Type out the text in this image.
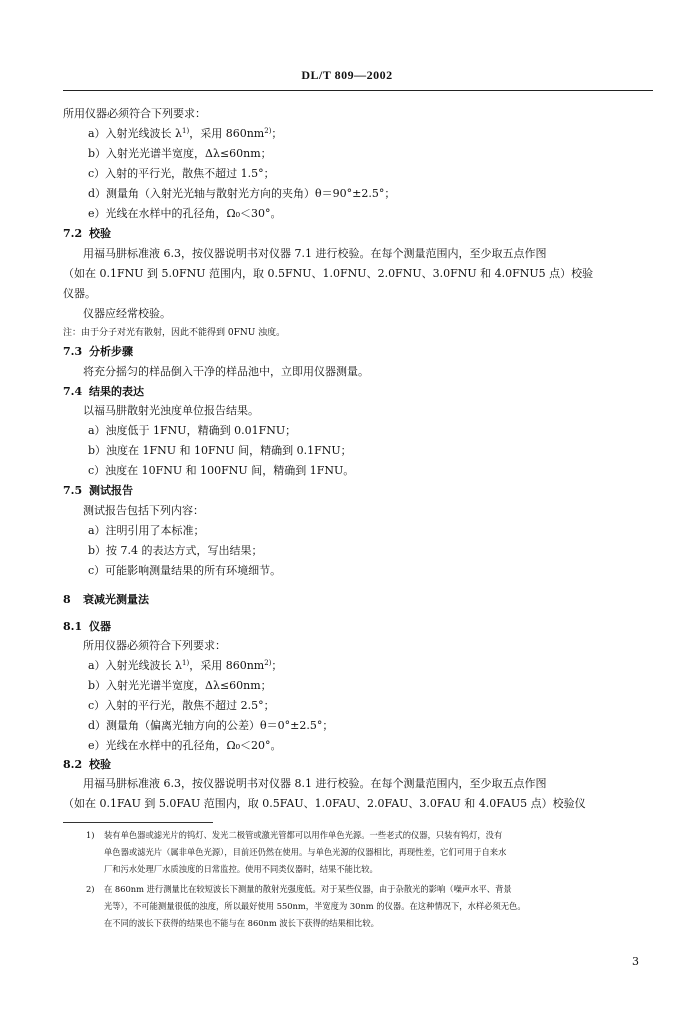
DL/T 809—2002
所用仪器必须符合下列要求：
a）入射光线波长 $\lambda^{1)}$，采用 $860nm^{2)}$；
b）入射光光谱半宽度，Δλ≤60nm；
c）入射的平行光，散焦不超过 1.5°；
d）测量角（入射光光轴与散射光方向的夹角）θ＝90°±2.5°；
e）光线在水样中的孔径角，Ω₀＜30°。
7.2 校验
用福马肼标准液 6.3，按仪器说明书对仪器 7.1 进行校验。在每个测量范围内，至少取五点作图
（如在 0.1FNU 到 5.0FNU 范围内，取 0.5FNU、1.0FNU、2.0FNU、3.0FNU 和 4.0FNU5 点）校验
仪器。
仪器应经常校验。
注：由于分子对光有散射，因此不能得到 0FNU 浊度。
7.3 分析步骤
将充分摇匀的样品倒入干净的样品池中，立即用仪器测量。
7.4 结果的表达
以福马肼散射光浊度单位报告结果。
a）浊度低于 1FNU，精确到 0.01FNU；
b）浊度在 1FNU 和 10FNU 间，精确到 0.1FNU；
c）浊度在 10FNU 和 100FNU 间，精确到 1FNU。
7.5 测试报告
测试报告包括下列内容：
a）注明引用了本标准；
b）按 7.4 的表达方式，写出结果；
c）可能影响测量结果的所有环境细节。
8 衰减光测量法
8.1 仪器
所用仪器必须符合下列要求：
a）入射光线波长 $\lambda^{1)}$，采用 $860nm^{2)}$；
b）入射光光谱半宽度，Δλ≤60nm；
c）入射的平行光，散焦不超过 2.5°；
d）测量角（偏离光轴方向的公差）θ＝0°±2.5°；
e）光线在水样中的孔径角，Ω₀＜20°。
8.2 校验
用福马肼标准液 6.3，按仪器说明书对仪器 8.1 进行校验。在每个测量范围内，至少取五点作图
（如在 0.1FAU 到 5.0FAU 范围内，取 0.5FAU、1.0FAU、2.0FAU、3.0FAU 和 4.0FAU5 点）校验仪
1) 装有单色器或滤光片的钨灯、发光二极管或激光管都可以用作单色光源。一些老式的仪器，只装有钨灯，没有
单色器或滤光片（属非单色光源），目前还仍然在使用。与单色光源的仪器相比，再现性差，它们可用于自来水
厂和污水处理厂水质浊度的日常监控。使用不同类仪器时，结果不能比较。
2) 在 860nm 进行测量比在较短波长下测量的散射光强度低。对于某些仪器，由于杂散光的影响（噪声水平、背景
光等），不可能测量很低的浊度，所以最好使用 550nm，半宽度为 30nm 的仪器。在这种情况下，水样必须无色。
在不同的波长下获得的结果也不能与在 860nm 波长下获得的结果相比较。
3
